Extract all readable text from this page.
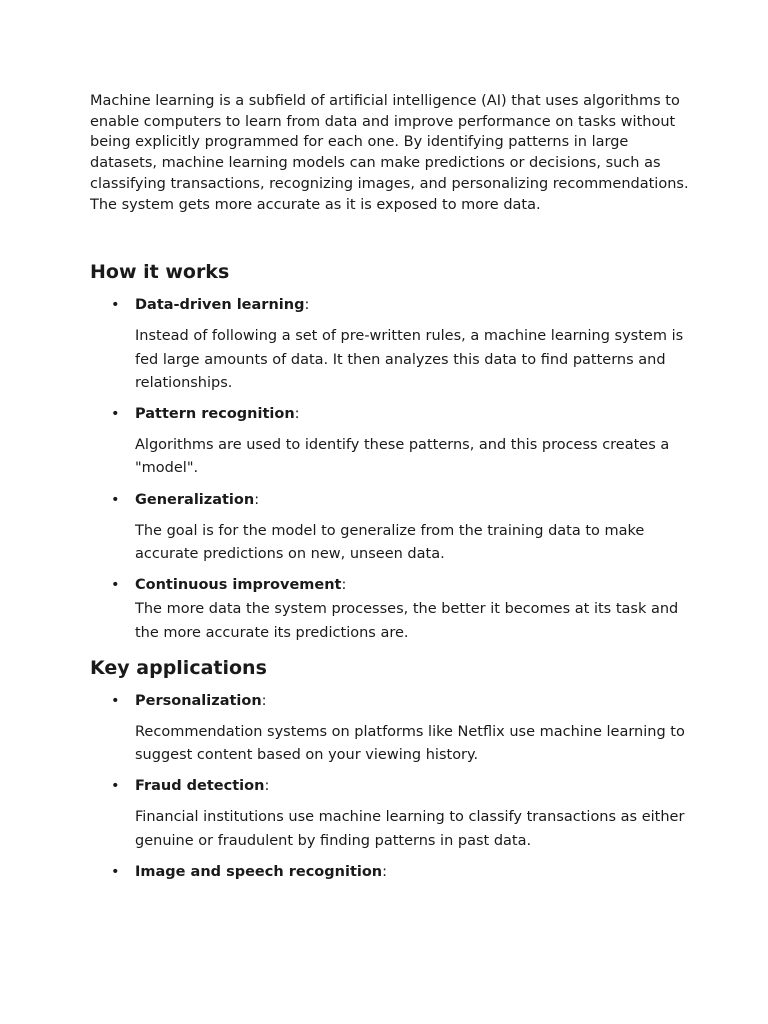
Machine learning is a subfield of artificial intelligence (AI) that uses algorithms to enable computers to learn from data and improve performance on tasks without being explicitly programmed for each one. By identifying patterns in large datasets, machine learning models can make predictions or decisions, such as classifying transactions, recognizing images, and personalizing recommendations. The system gets more accurate as it is exposed to more data.

How it works
• Data-driven learning:

Instead of following a set of pre-written rules, a machine learning system is fed large amounts of data. It then analyzes this data to find patterns and relationships.

• Pattern recognition:

Algorithms are used to identify these patterns, and this process creates a "model".

• Generalization:

The goal is for the model to generalize from the training data to make accurate predictions on new, unseen data.

• Continuous improvement:

The more data the system processes, the better it becomes at its task and the more accurate its predictions are.

Key applications
• Personalization:

Recommendation systems on platforms like Netflix use machine learning to suggest content based on your viewing history.

• Fraud detection:

Financial institutions use machine learning to classify transactions as either genuine or fraudulent by finding patterns in past data.

• Image and speech recognition:
